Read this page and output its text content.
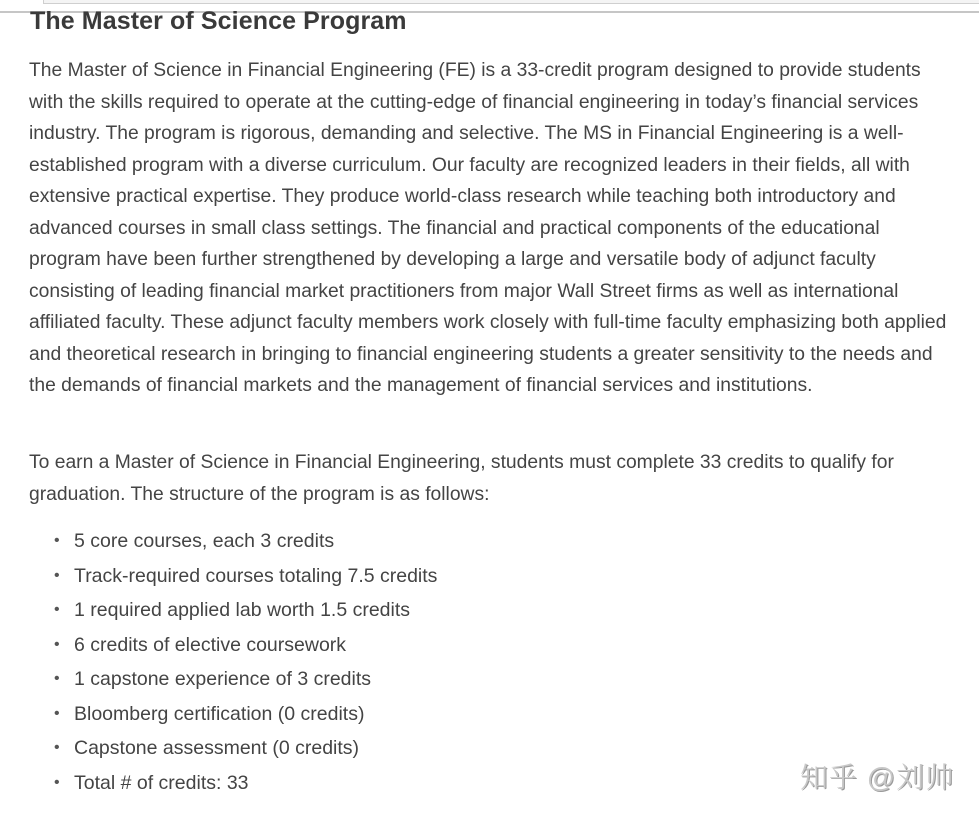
The Master of Science Program

The Master of Science in Financial Engineering (FE) is a 33-credit program designed to provide students with the skills required to operate at the cutting-edge of financial engineering in today’s financial services industry. The program is rigorous, demanding and selective. The MS in Financial Engineering is a well-established program with a diverse curriculum. Our faculty are recognized leaders in their fields, all with extensive practical expertise. They produce world-class research while teaching both introductory and advanced courses in small class settings. The financial and practical components of the educational program have been further strengthened by developing a large and versatile body of adjunct faculty consisting of leading financial market practitioners from major Wall Street firms as well as international affiliated faculty. These adjunct faculty members work closely with full-time faculty emphasizing both applied and theoretical research in bringing to financial engineering students a greater sensitivity to the needs and the demands of financial markets and the management of financial services and institutions.

To earn a Master of Science in Financial Engineering, students must complete 33 credits to qualify for graduation. The structure of the program is as follows:

• 5 core courses, each 3 credits
• Track-required courses totaling 7.5 credits
• 1 required applied lab worth 1.5 credits
• 6 credits of elective coursework
• 1 capstone experience of 3 credits
• Bloomberg certification (0 credits)
• Capstone assessment (0 credits)
• Total # of credits: 33	知乎 @刘帅
